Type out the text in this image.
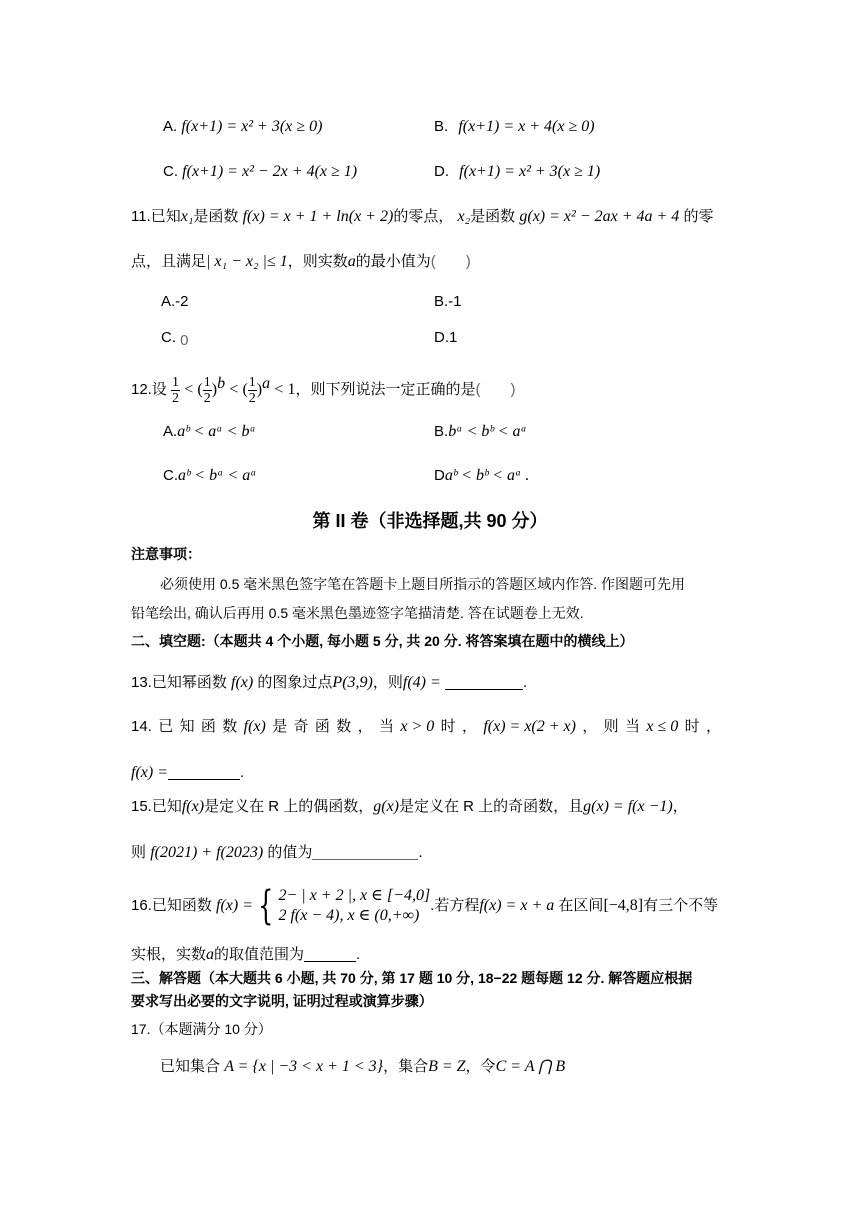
A. f(x+1) = x² + 3(x ≥ 0)	B. f(x+1) = x + 4(x ≥ 0)
C. f(x+1) = x² − 2x + 4(x ≥ 1)	D. f(x+1) = x² + 3(x ≥ 1)
11.已知x₁是函数 f(x) = x + 1 + ln(x + 2)的零点， x₂是函数 g(x) = x² − 2ax + 4a + 4 的零
点，且满足| x₁ − x₂ |≤ 1，则实数a的最小值为(　　)
A.-2	B.-1
C. 0	D.1
12.设 $\frac{1}{2}$ < ( $\frac{1}{2} )^b$ < ( $\frac{1}{2} )^a < 1$，则下列说法一定正确的是(　　)
A.aᵇ < aᵃ < bᵃ	B.bᵃ < bᵇ < aᵃ
C.aᵇ < bᵃ < aᵃ	Daᵇ < bᵇ < aᵃ .
第 II 卷（非选择题,共 90 分）
注意事项：
必须使用 0.5 毫米黑色签字笔在答题卡上题目所指示的答题区域内作答. 作图题可先用
铅笔绘出, 确认后再用 0.5 毫米黑色墨迹签字笔描清楚. 答在试题卷上无效.
二、填空题:（本题共 4 个小题, 每小题 5 分, 共 20 分. 将答案填在题中的横线上）
13.已知幂函数 f(x) 的图象过点P(3,9)，则f(4) =	.
14. 已 知 函 数 f(x) 是 奇 函 数 ， 当 x > 0 时 ， f(x) = x(2 + x) ， 则 当 x ≤ 0 时 ，
f(x) =	.
15.已知f(x)是定义在 R 上的偶函数，g(x)是定义在 R 上的奇函数，且g(x) = f(x −1)，
则 f(2021) + f(2023) 的值为	.
16.已知函数 f(x) = { 2− | x + 2 |, x ∈ [−4,0]
2 f(x − 4), x ∈ (0,+∞)
.若方程f(x) = x + a 在区间[−4,8]有三个不等
实根，实数a的取值范围为	.
三、解答题（本大题共 6 小题, 共 70 分, 第 17 题 10 分, 18−22 题每题 12 分. 解答题应根据
要求写出必要的文字说明, 证明过程或演算步骤）
17.（本题满分 10 分）
已知集合 A = {x | −3 < x + 1 < 3}，集合B = Z，令C = A ⋂ B
